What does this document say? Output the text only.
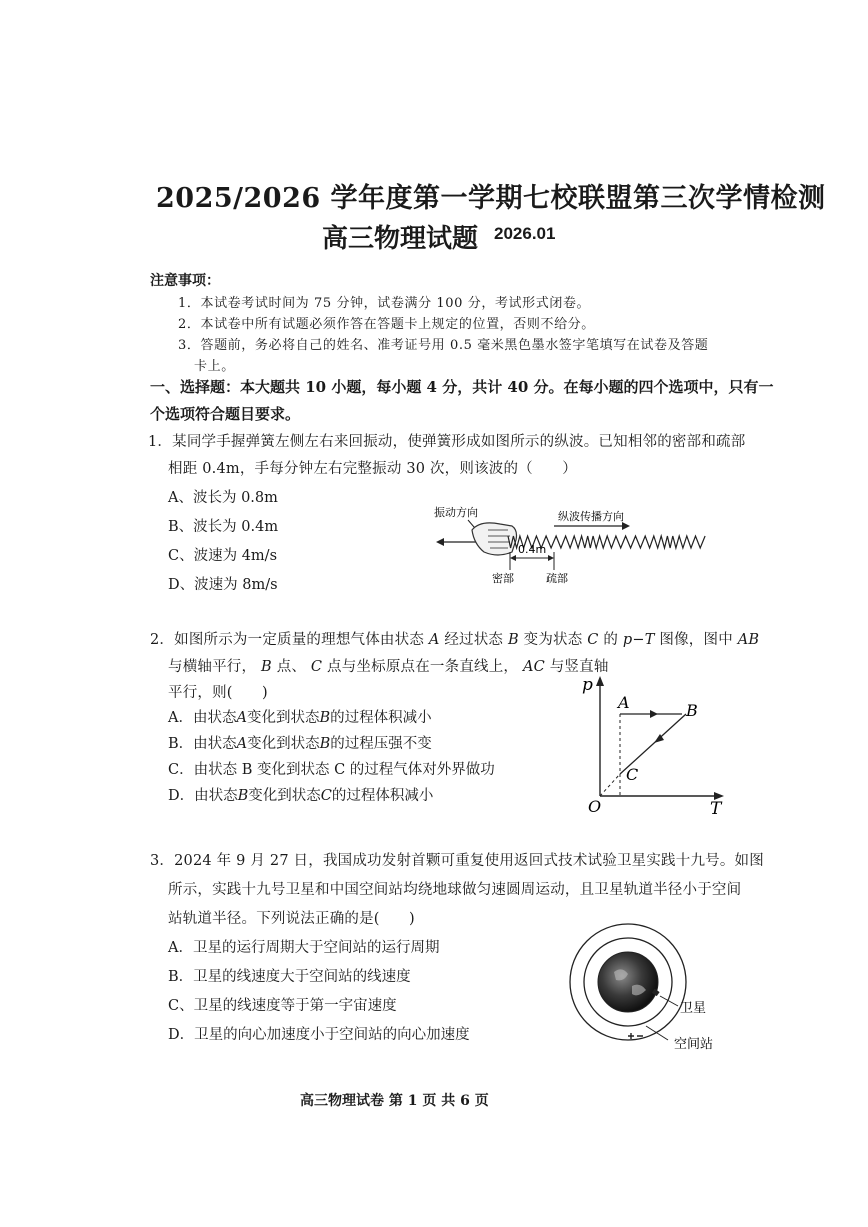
2025/2026 学年度第一学期七校联盟第三次学情检测
高三物理试题 2026.01
注意事项：
1．本试卷考试时间为 75 分钟，试卷满分 100 分，考试形式闭卷。
2．本试卷中所有试题必须作答在答题卡上规定的位置，否则不给分。
3．答题前，务必将自己的姓名、准考证号用 0.5 毫米黑色墨水签字笔填写在试卷及答题
卡上。
一、选择题：本大题共 10 小题，每小题 4 分，共计 40 分。在每小题的四个选项中，只有一
个选项符合题目要求。
1．某同学手握弹簧左侧左右来回振动，使弹簧形成如图所示的纵波。已知相邻的密部和疏部
相距 0.4m，手每分钟左右完整振动 30 次，则该波的（　　）
A、波长为 0.8m
B、波长为 0.4m
C、波速为 4m/s
D、波速为 8m/s
振动方向	纵波传播方向
0.4m
密部	疏部
2．如图所示为一定质量的理想气体由状态 A 经过状态 B 变为状态 C 的 p−T 图像，图中 AB
与横轴平行， B 点、 C 点与坐标原点在一条直线上， AC 与竖直轴
平行，则(　　)
A．由状态A变化到状态B的过程体积减小
B．由状态A变化到状态B的过程压强不变
C．由状态 B 变化到状态 C 的过程气体对外界做功
D．由状态B变化到状态C的过程体积减小
p
T
O
A	B
C
3．2024 年 9 月 27 日，我国成功发射首颗可重复使用返回式技术试验卫星实践十九号。如图
所示，实践十九号卫星和中国空间站均绕地球做匀速圆周运动，且卫星轨道半径小于空间
站轨道半径。下列说法正确的是(　　)
A．卫星的运行周期大于空间站的运行周期
B．卫星的线速度大于空间站的线速度
C、卫星的线速度等于第一宇宙速度
D．卫星的向心加速度小于空间站的向心加速度
卫星
空间站
高三物理试卷 第 1 页 共 6 页
